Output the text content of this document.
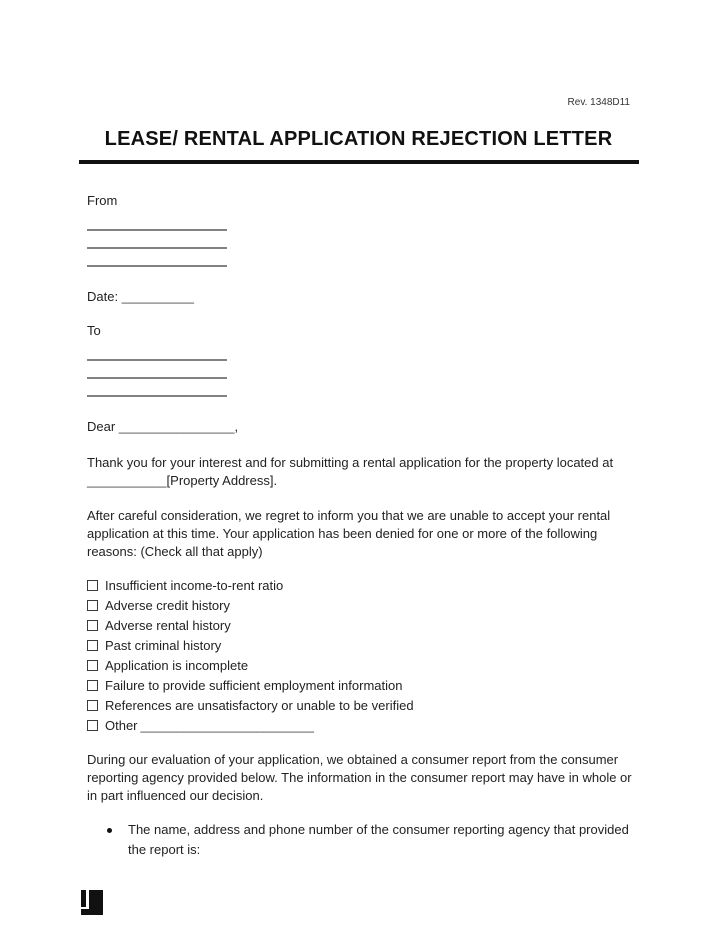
Rev. 1348D11
LEASE/ RENTAL APPLICATION REJECTION LETTER
From
Date: __________
To
Dear ________________,
Thank you for your interest and for submitting a rental application for the property located at
___________[Property Address].
After careful consideration, we regret to inform you that we are unable to accept your rental
application at this time. Your application has been denied for one or more of the following
reasons: (Check all that apply)
Insufficient income-to-rent ratio
Adverse credit history
Adverse rental history
Past criminal history
Application is incomplete
Failure to provide sufficient employment information
References are unsatisfactory or unable to be verified
Other ________________________
During our evaluation of your application, we obtained a consumer report from the consumer
reporting agency provided below. The information in the consumer report may have in whole or
in part influenced our decision.
The name, address and phone number of the consumer reporting agency that provided
the report is:
